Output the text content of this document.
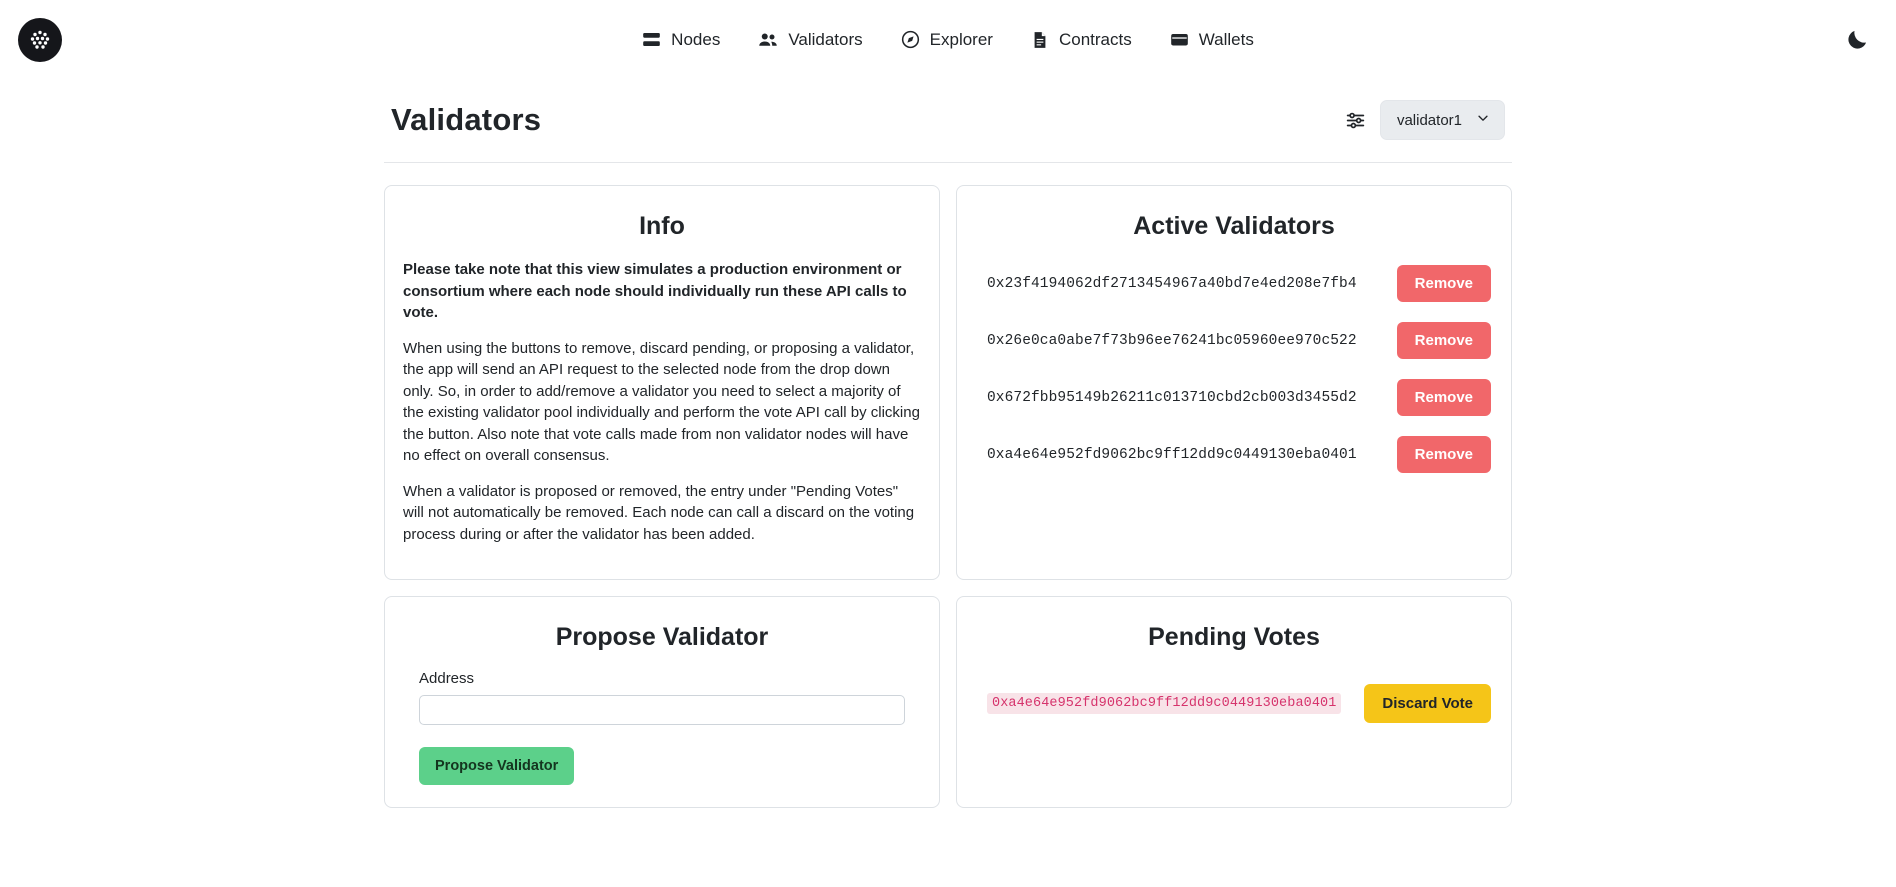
Nodes	Validators	Explorer	Contracts	Wallets
Validators	validator1
Info

Please take note that this view simulates a production environment or consortium where each node should individually run these API calls to vote.

When using the buttons to remove, discard pending, or proposing a validator, the app will send an API request to the selected node from the drop down only. So, in order to add/remove a validator you need to select a majority of the existing validator pool individually and perform the vote API call by clicking the button. Also note that vote calls made from non validator nodes will have no effect on overall consensus.

When a validator is proposed or removed, the entry under "Pending Votes" will not automatically be removed. Each node can call a discard on the voting process during or after the validator has been added.

Active Validators
0x23f4194062df2713454967a40bd7e4ed208e7fb4	Remove
0x26e0ca0abe7f73b96ee76241bc05960ee970c522	Remove
0x672fbb95149b26211c013710cbd2cb003d3455d2	Remove
0xa4e64e952fd9062bc9ff12dd9c0449130eba0401	Remove
Propose Validator
Address
Propose Validator
Pending Votes
0xa4e64e952fd9062bc9ff12dd9c0449130eba0401	Discard Vote
